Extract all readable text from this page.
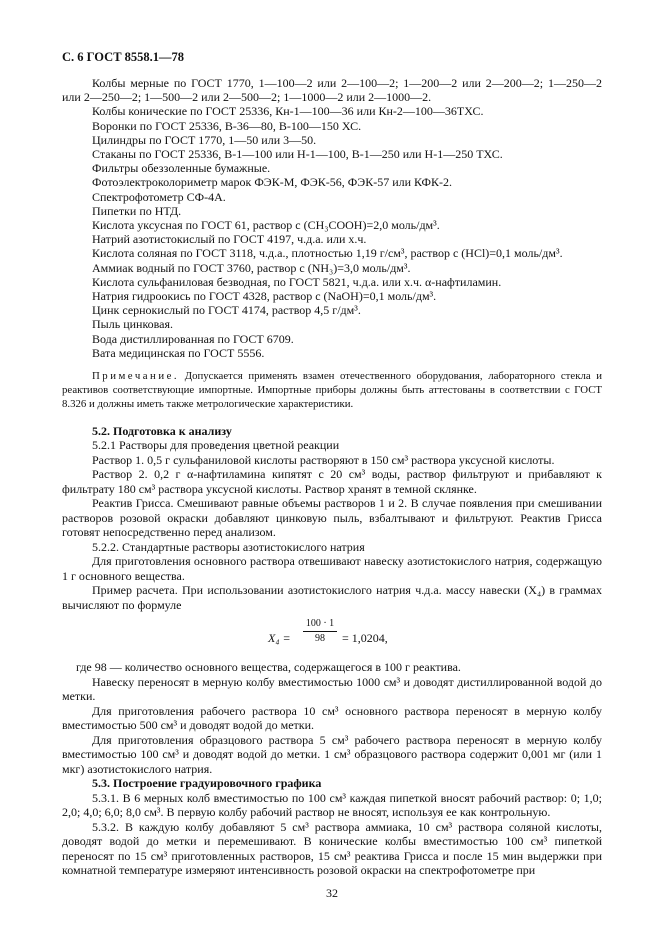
С. 6 ГОСТ 8558.1—78

Колбы мерные по ГОСТ 1770, 1—100—2 или 2—100—2; 1—200—2 или 2—200—2; 1—250—2 или 2—250—2; 1—500—2 или 2—500—2; 1—1000—2 или 2—1000—2.

Колбы конические по ГОСТ 25336, Кн-1—100—36 или Кн-2—100—36ТХС.

Воронки по ГОСТ 25336, В-36—80, В-100—150 ХС.

Цилиндры по ГОСТ 1770, 1—50 или 3—50.

Стаканы по ГОСТ 25336, В-1—100 или Н-1—100, В-1—250 или Н-1—250 ТХС.

Фильтры обеззоленные бумажные.

Фотоэлектроколориметр марок ФЭК-М, ФЭК-56, ФЭК-57 или КФК-2.

Спектрофотометр СФ-4А.

Пипетки по НТД.

Кислота уксусная по ГОСТ 61, раствор c (CH₃COOH)=2,0 моль/дм³.

Натрий азотистокислый по ГОСТ 4197, ч.д.а. или х.ч.

Кислота соляная по ГОСТ 3118, ч.д.а., плотностью 1,19 г/см³, раствор c (HCl)=0,1 моль/дм³.

Аммиак водный по ГОСТ 3760, раствор c (NH₃)=3,0 моль/дм³.

Кислота сульфаниловая безводная, по ГОСТ 5821, ч.д.а. или х.ч. α-нафтиламин.

Натрия гидроокись по ГОСТ 4328, раствор c (NaOH)=0,1 моль/дм³.

Цинк сернокислый по ГОСТ 4174, раствор 4,5 г/дм³.

Пыль цинковая.

Вода дистиллированная по ГОСТ 6709.

Вата медицинская по ГОСТ 5556.

Примечание. Допускается применять взамен отечественного оборудования, лабораторного стекла и реактивов соответствующие импортные. Импортные приборы должны быть аттестованы в соответствии с ГОСТ 8.326 и должны иметь также метрологические характеристики.

5.2. Подготовка к анализу

5.2.1 Растворы для проведения цветной реакции

Раствор 1. 0,5 г сульфаниловой кислоты растворяют в 150 см³ раствора уксусной кислоты.

Раствор 2. 0,2 г α-нафтиламина кипятят с 20 см³ воды, раствор фильтруют и прибавляют к фильтрату 180 см³ раствора уксусной кислоты. Раствор хранят в темной склянке.

Реактив Грисса. Смешивают равные объемы растворов 1 и 2. В случае появления при смешивании растворов розовой окраски добавляют цинковую пыль, взбалтывают и фильтруют. Реактив Грисса готовят непосредственно перед анализом.

5.2.2. Стандартные растворы азотистокислого натрия

Для приготовления основного раствора отвешивают навеску азотистокислого натрия, содержащую 1 г основного вещества.

Пример расчета. При использовании азотистокислого натрия ч.д.а. массу навески (X₄) в граммах вычисляют по формуле

$X_4 = \frac{100 \cdot 1}{98} = 1,0204$,

где 98 — количество основного вещества, содержащегося в 100 г реактива.

Навеску переносят в мерную колбу вместимостью 1000 см³ и доводят дистиллированной водой до метки.

Для приготовления рабочего раствора 10 см³ основного раствора переносят в мерную колбу вместимостью 500 см³ и доводят водой до метки.

Для приготовления образцового раствора 5 см³ рабочего раствора переносят в мерную колбу вместимостью 100 см³ и доводят водой до метки. 1 см³ образцового раствора содержит 0,001 мг (или 1 мкг) азотистокислого натрия.

5.3. Построение градуировочного графика

5.3.1. В 6 мерных колб вместимостью по 100 см³ каждая пипеткой вносят рабочий раствор: 0; 1,0; 2,0; 4,0; 6,0; 8,0 см³. В первую колбу рабочий раствор не вносят, используя ее как контрольную.

5.3.2. В каждую колбу добавляют 5 см³ раствора аммиака, 10 см³ раствора соляной кислоты, доводят водой до метки и перемешивают. В конические колбы вместимостью 100 см³ пипеткой переносят по 15 см³ приготовленных растворов, 15 см³ реактива Грисса и после 15 мин выдержки при комнатной температуре измеряют интенсивность розовой окраски на спектрофотометре при

32
